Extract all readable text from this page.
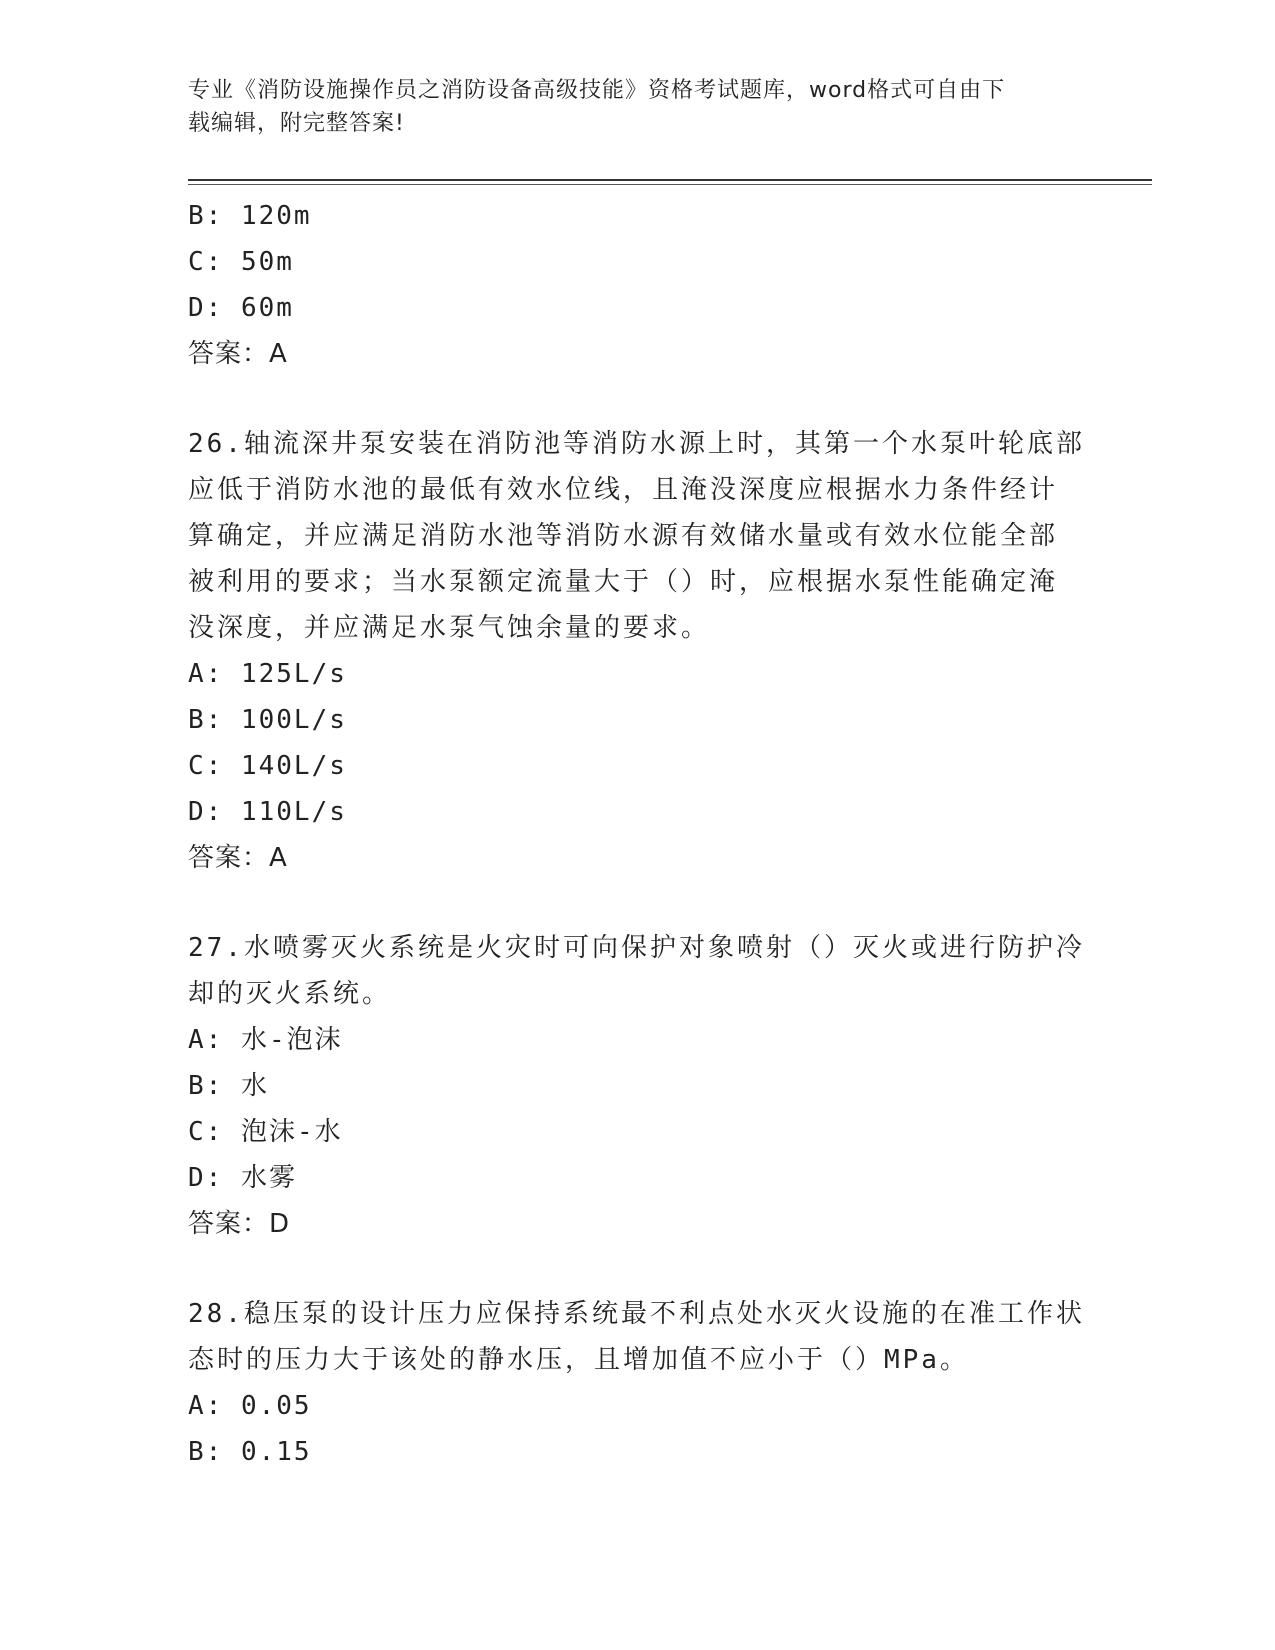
专业《消防设施操作员之消防设备高级技能》资格考试题库，word格式可自由下
载编辑，附完整答案!
B: 120m
C: 50m
D: 60m
答案：A
26.轴流深井泵安装在消防池等消防水源上时，其第一个水泵叶轮底部
应低于消防水池的最低有效水位线，且淹没深度应根据水力条件经计
算确定，并应满足消防水池等消防水源有效储水量或有效水位能全部
被利用的要求；当水泵额定流量大于（）时，应根据水泵性能确定淹
没深度，并应满足水泵气蚀余量的要求。
A: 125L/s
B: 100L/s
C: 140L/s
D: 110L/s
答案：A
27.水喷雾灭火系统是火灾时可向保护对象喷射（）灭火或进行防护冷
却的灭火系统。
A: 水-泡沫
B: 水
C: 泡沫-水
D: 水雾
答案：D
28.稳压泵的设计压力应保持系统最不利点处水灭火设施的在准工作状
态时的压力大于该处的静水压，且增加值不应小于（）MPa。
A: 0.05
B: 0.15
